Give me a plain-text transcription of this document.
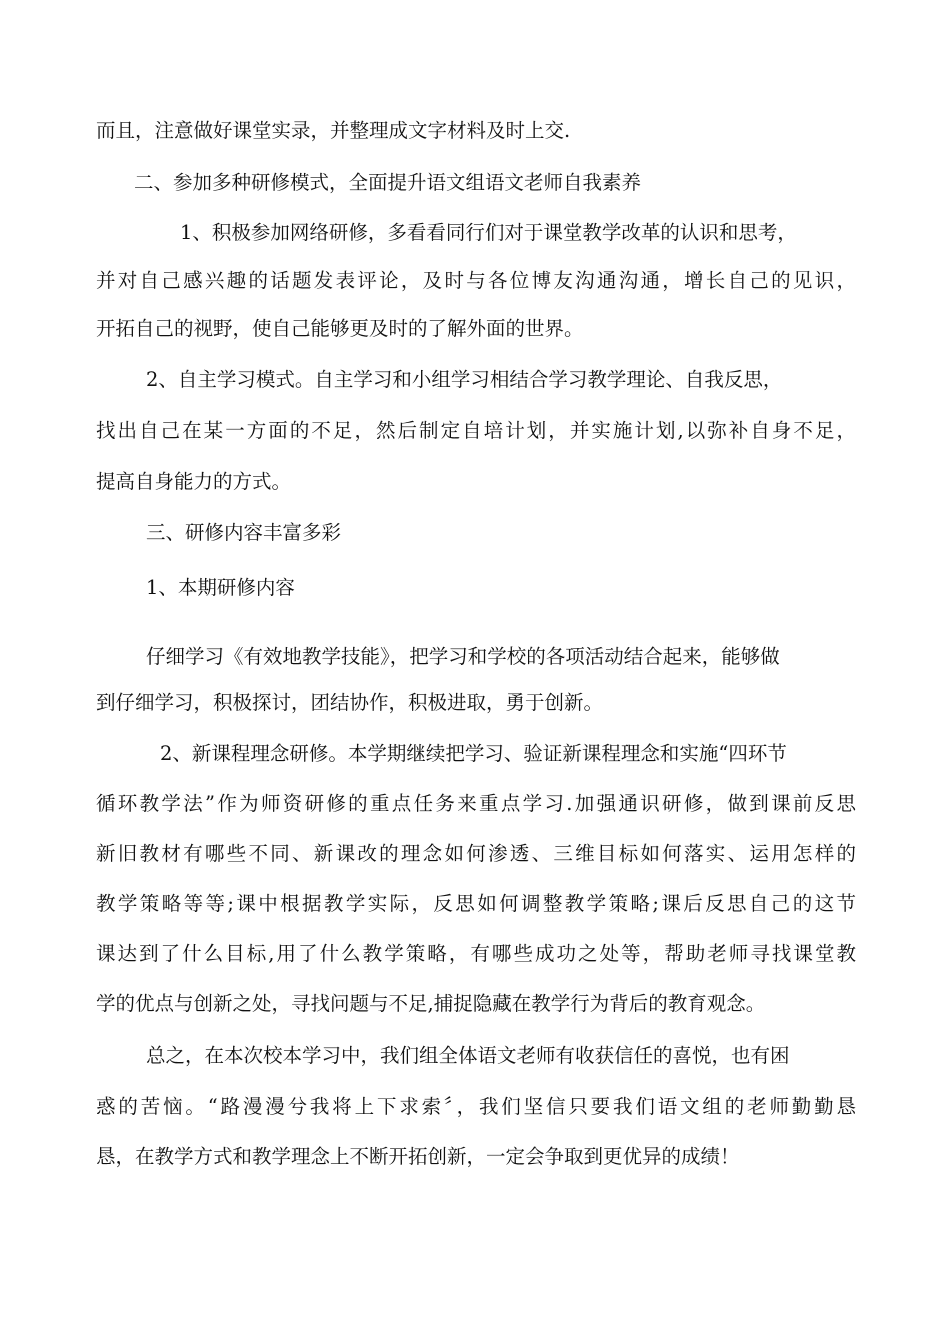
而且，注意做好课堂实录，并整理成文字材料及时上交.
二、参加多种研修模式，全面提升语文组语文老师自我素养
1、积极参加网络研修，多看看同行们对于课堂教学改革的认识和思考，
并对自己感兴趣的话题发表评论，及时与各位博友沟通沟通，增长自己的见识，
开拓自己的视野，使自己能够更及时的了解外面的世界。
2、自主学习模式。自主学习和小组学习相结合学习教学理论、自我反思，
找出自己在某一方面的不足，然后制定自培计划，并实施计划,以弥补自身不足，
提高自身能力的方式。
三、研修内容丰富多彩
1、本期研修内容
仔细学习《有效地教学技能》，把学习和学校的各项活动结合起来，能够做
到仔细学习，积极探讨，团结协作，积极进取，勇于创新。
2、新课程理念研修。本学期继续把学习、验证新课程理念和实施“四环节
循环教学法”作为师资研修的重点任务来重点学习.加强通识研修，做到课前反思
新旧教材有哪些不同、新课改的理念如何渗透、三维目标如何落实、运用怎样的
教学策略等等;课中根据教学实际，反思如何调整教学策略;课后反思自己的这节
课达到了什么目标,用了什么教学策略，有哪些成功之处等，帮助老师寻找课堂教
学的优点与创新之处，寻找问题与不足,捕捉隐藏在教学行为背后的教育观念。
总之，在本次校本学习中，我们组全体语文老师有收获信任的喜悦，也有困
惑的苦恼。“路漫漫兮我将上下求索〞，我们坚信只要我们语文组的老师勤勤恳
恳，在教学方式和教学理念上不断开拓创新，一定会争取到更优异的成绩！
